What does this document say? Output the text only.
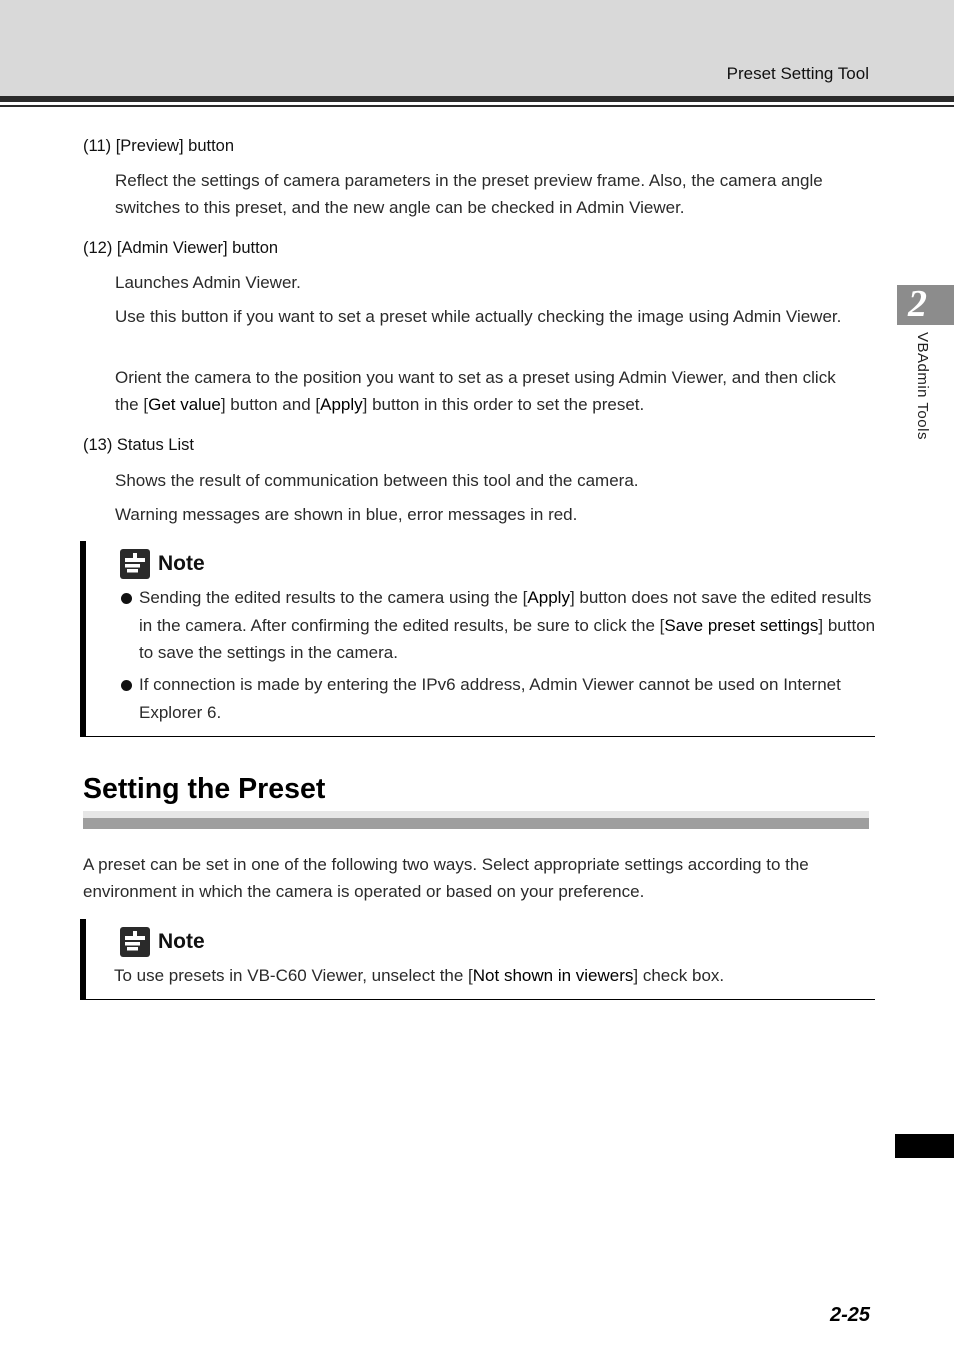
Preset Setting Tool
2
VBAdmin Tools

(11) [Preview] button

Reflect the settings of camera parameters in the preset preview frame. Also, the camera angle switches to this preset, and the new angle can be checked in Admin Viewer.

(12) [Admin Viewer] button

Launches Admin Viewer.

Use this button if you want to set a preset while actually checking the image using Admin Viewer.

Orient the camera to the position you want to set as a preset using Admin Viewer, and then click the [Get value] button and [Apply] button in this order to set the preset.

(13) Status List

Shows the result of communication between this tool and the camera.

Warning messages are shown in blue, error messages in red.

Note
Sending the edited results to the camera using the [Apply] button does not save the edited results in the camera. After confirming the edited results, be sure to click the [Save preset settings] button to save the settings in the camera.
If connection is made by entering the IPv6 address, Admin Viewer cannot be used on Internet Explorer 6.
Setting the Preset

A preset can be set in one of the following two ways. Select appropriate settings according to the environment in which the camera is operated or based on your preference.

Note

To use presets in VB-C60 Viewer, unselect the [Not shown in viewers] check box.

2-25
